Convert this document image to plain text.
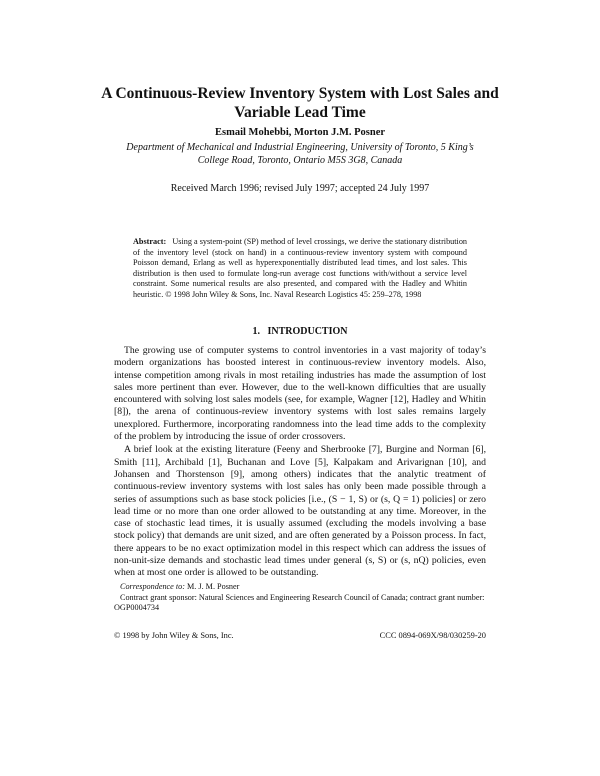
A Continuous-Review Inventory System with Lost Sales and
Variable Lead Time
Esmail Mohebbi, Morton J.M. Posner
Department of Mechanical and Industrial Engineering, University of Toronto, 5 King’s
College Road, Toronto, Ontario M5S 3G8, Canada
Received March 1996; revised July 1997; accepted 24 July 1997
Abstract: Using a system-point (SP) method of level crossings, we derive the stationary distribution of the inventory level (stock on hand) in a continuous-review inventory system with compound Poisson demand, Erlang as well as hyperexponentially distributed lead times, and lost sales. This distribution is then used to formulate long-run average cost functions with/without a service level constraint. Some numerical results are also presented, and compared with the Hadley and Whitin heuristic. © 1998 John Wiley & Sons, Inc. Naval Research Logistics 45: 259–278, 1998
1.   INTRODUCTION

The growing use of computer systems to control inventories in a vast majority of today’s modern organizations has boosted interest in continuous-review inventory models. Also, intense competition among rivals in most retailing industries has made the assumption of lost sales more pertinent than ever. However, due to the well-known difficulties that are usually encountered with solving lost sales models (see, for example, Wagner [12], Hadley and Whitin [8]), the arena of continuous-review inventory systems with lost sales remains largely unexplored. Furthermore, incorporating randomness into the lead time adds to the complexity of the problem by introducing the issue of order crossovers.

A brief look at the existing literature (Feeny and Sherbrooke [7], Burgine and Norman [6], Smith [11], Archibald [1], Buchanan and Love [5], Kalpakam and Arivarignan [10], and Johansen and Thorstenson [9], among others) indicates that the analytic treatment of continuous-review inventory systems with lost sales has only been made possible through a series of assumptions such as base stock policies [i.e., (S − 1, S) or (s, Q = 1) policies] or zero lead time or no more than one order allowed to be outstanding at any time. Moreover, in the case of stochastic lead times, it is usually assumed (excluding the models involving a base stock policy) that demands are unit sized, and are often generated by a Poisson process. In fact, there appears to be no exact optimization model in this respect which can address the issues of non-unit-size demands and stochastic lead times under general (s, S) or (s, nQ) policies, even when at most one order is allowed to be outstanding.

Correspondence to: M. J. M. Posner
Contract grant sponsor: Natural Sciences and Engineering Research Council of Canada; contract grant number: OGP0004734
© 1998 by John Wiley & Sons, Inc.	CCC 0894-069X/98/030259-20
